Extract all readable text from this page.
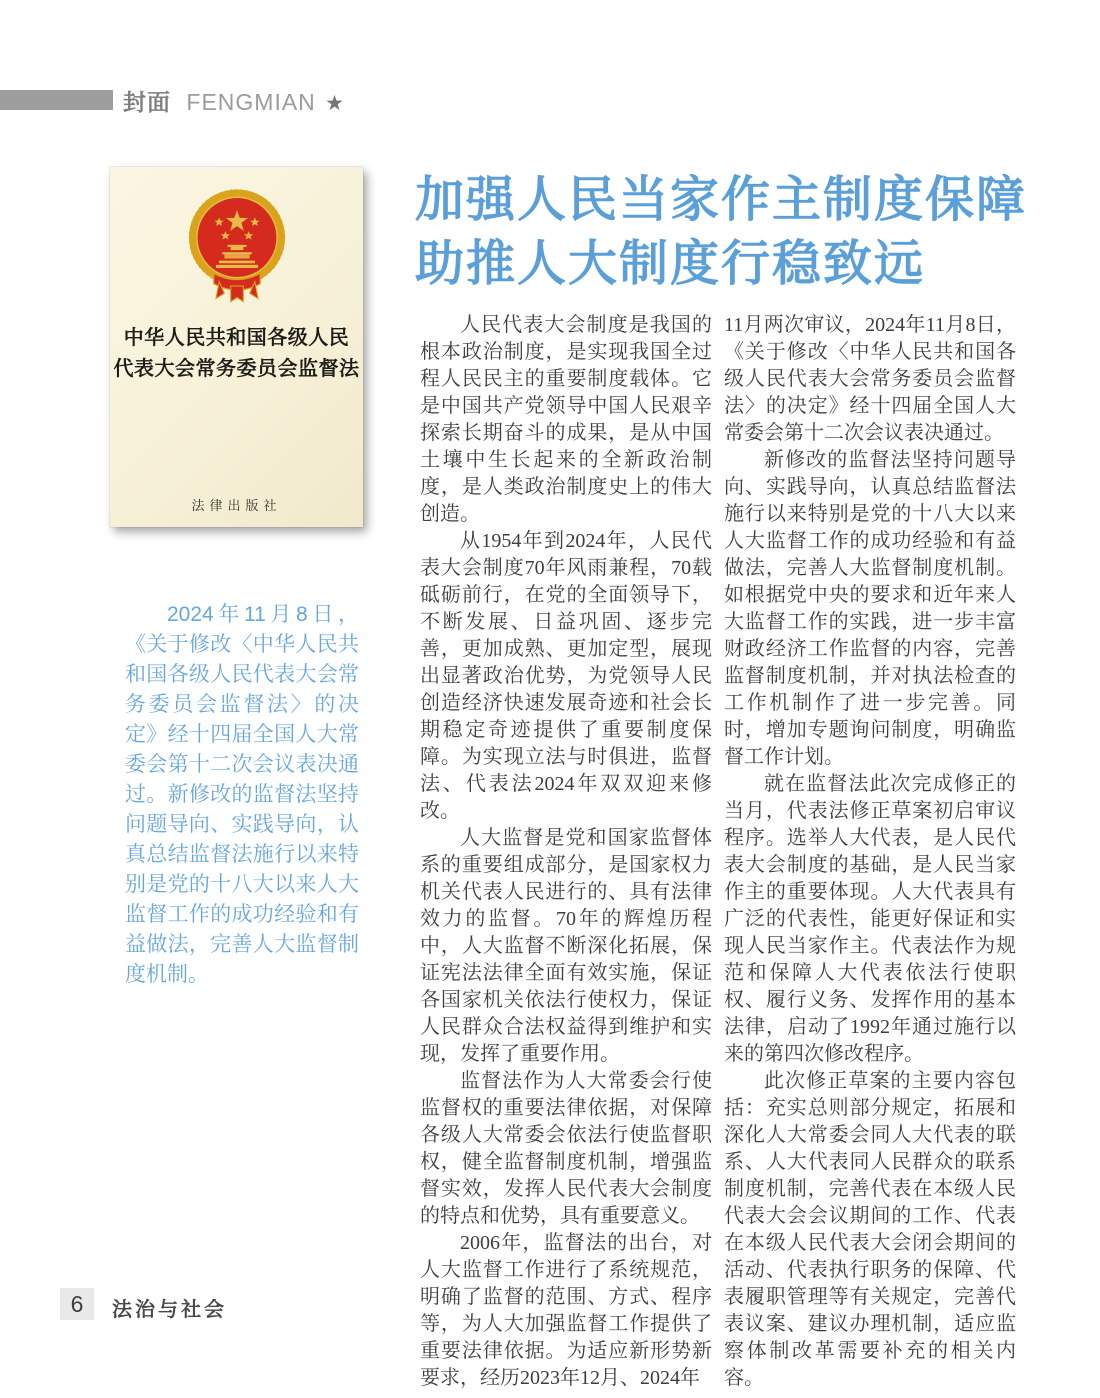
封面 FENGMIAN ★
中华人民共和国各级人民
代表大会常务委员会监督法
法律出版社
加强人民当家作主制度保障
助推人大制度行稳致远
2024年11月8日，《关于修改〈中华人民共和国各级人民代表大会常务委员会监督法〉的决定》经十四届全国人大常委会第十二次会议表决通过。新修改的监督法坚持问题导向、实践导向，认真总结监督法施行以来特别是党的十八大以来人大监督工作的成功经验和有益做法，完善人大监督制度机制。

人民代表大会制度是我国的根本政治制度，是实现我国全过程人民民主的重要制度载体。它是中国共产党领导中国人民艰辛探索长期奋斗的成果，是从中国土壤中生长起来的全新政治制度，是人类政治制度史上的伟大创造。

从1954年到2024年，人民代表大会制度70年风雨兼程，70载砥砺前行，在党的全面领导下，不断发展、日益巩固、逐步完善，更加成熟、更加定型，展现出显著政治优势，为党领导人民创造经济快速发展奇迹和社会长期稳定奇迹提供了重要制度保障。为实现立法与时俱进，监督法、代表法2024年双双迎来修改。

人大监督是党和国家监督体系的重要组成部分，是国家权力机关代表人民进行的、具有法律效力的监督。70年的辉煌历程中，人大监督不断深化拓展，保证宪法法律全面有效实施，保证各国家机关依法行使权力，保证人民群众合法权益得到维护和实现，发挥了重要作用。

监督法作为人大常委会行使监督权的重要法律依据，对保障各级人大常委会依法行使监督职权，健全监督制度机制，增强监督实效，发挥人民代表大会制度的特点和优势，具有重要意义。

2006年，监督法的出台，对人大监督工作进行了系统规范，明确了监督的范围、方式、程序等，为人大加强监督工作提供了重要法律依据。为适应新形势新要求，经历2023年12月、2024年

11月两次审议，2024年11月8日，《关于修改〈中华人民共和国各级人民代表大会常务委员会监督法〉的决定》经十四届全国人大常委会第十二次会议表决通过。

新修改的监督法坚持问题导向、实践导向，认真总结监督法施行以来特别是党的十八大以来人大监督工作的成功经验和有益做法，完善人大监督制度机制。如根据党中央的要求和近年来人大监督工作的实践，进一步丰富财政经济工作监督的内容，完善监督制度机制，并对执法检查的工作机制作了进一步完善。同时，增加专题询问制度，明确监督工作计划。

就在监督法此次完成修正的当月，代表法修正草案初启审议程序。选举人大代表，是人民代表大会制度的基础，是人民当家作主的重要体现。人大代表具有广泛的代表性，能更好保证和实现人民当家作主。代表法作为规范和保障人大代表依法行使职权、履行义务、发挥作用的基本法律，启动了1992年通过施行以来的第四次修改程序。

此次修正草案的主要内容包括：充实总则部分规定，拓展和深化人大常委会同人大代表的联系、人大代表同人民群众的联系制度机制，完善代表在本级人民代表大会会议期间的工作、代表在本级人民代表大会闭会期间的活动、代表执行职务的保障、代表履职管理等有关规定，完善代表议案、建议办理机制，适应监察体制改革需要补充的相关内容。

6	法治与社会
